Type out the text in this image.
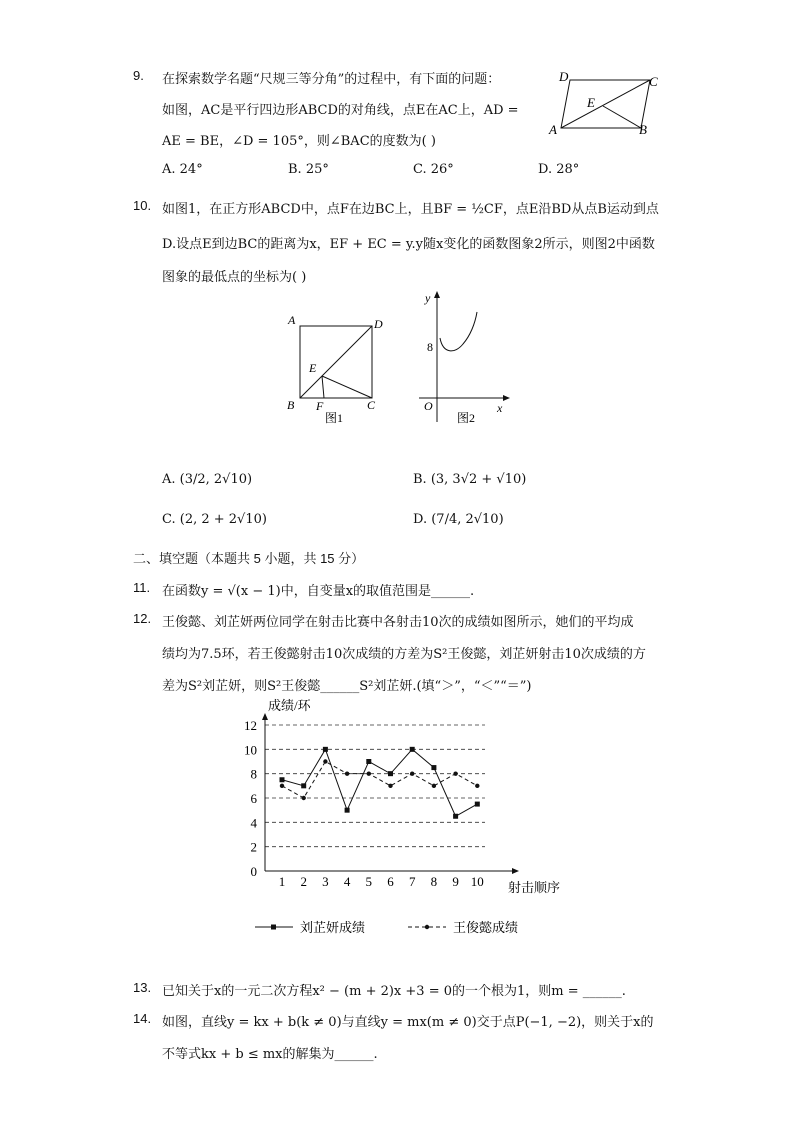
9. 在探索数学名题“尺规三等分角”的过程中，有下面的问题：
如图，AC是平行四边形ABCD的对角线，点E在AC上，AD =
AE = BE，∠D = 105°，则∠BAC的度数为( )
A. 24°	B. 25°	C. 26°	D. 28°
D	C
E
A	B
10. 如图1，在正方形ABCD中，点F在边BC上，且BF = ½CF，点E沿BD从点B运动到点
D.设点E到边BC的距离为x，EF + EC = y.y随x变化的函数图象2所示，则图2中函数
图象的最低点的坐标为( )
A	D
E
B F	C
图1
y
8
O	x
图2
A. (3/2, 2√10)	B. (3, 3√2 + √10)
C. (2, 2 + 2√10)	D. (7/4, 2√10)
二、填空题（本题共 5 小题，共 15 分）
11. 在函数y = √(x − 1)中，自变量x的取值范围是______.
12. 王俊懿、刘芷妍两位同学在射击比赛中各射击10次的成绩如图所示，她们的平均成
绩均为7.5环，若王俊懿射击10次成绩的方差为S²王俊懿，刘芷妍射击10次成绩的方
差为S²刘芷妍，则S²王俊懿______S²刘芷妍.(填“＞”，“＜”“＝”)
0
2
4
6
8
10
12
1 2 3 4 5 6 7 8 9 10
成绩/环
射击顺序
刘芷妍成绩	王俊懿成绩
13. 已知关于x的一元二次方程x² − (m + 2)x +3 = 0的一个根为1，则m = ______.
14. 如图，直线y = kx + b(k ≠ 0)与直线y = mx(m ≠ 0)交于点P(−1, −2)，则关于x的
不等式kx + b ≤ mx的解集为______.
